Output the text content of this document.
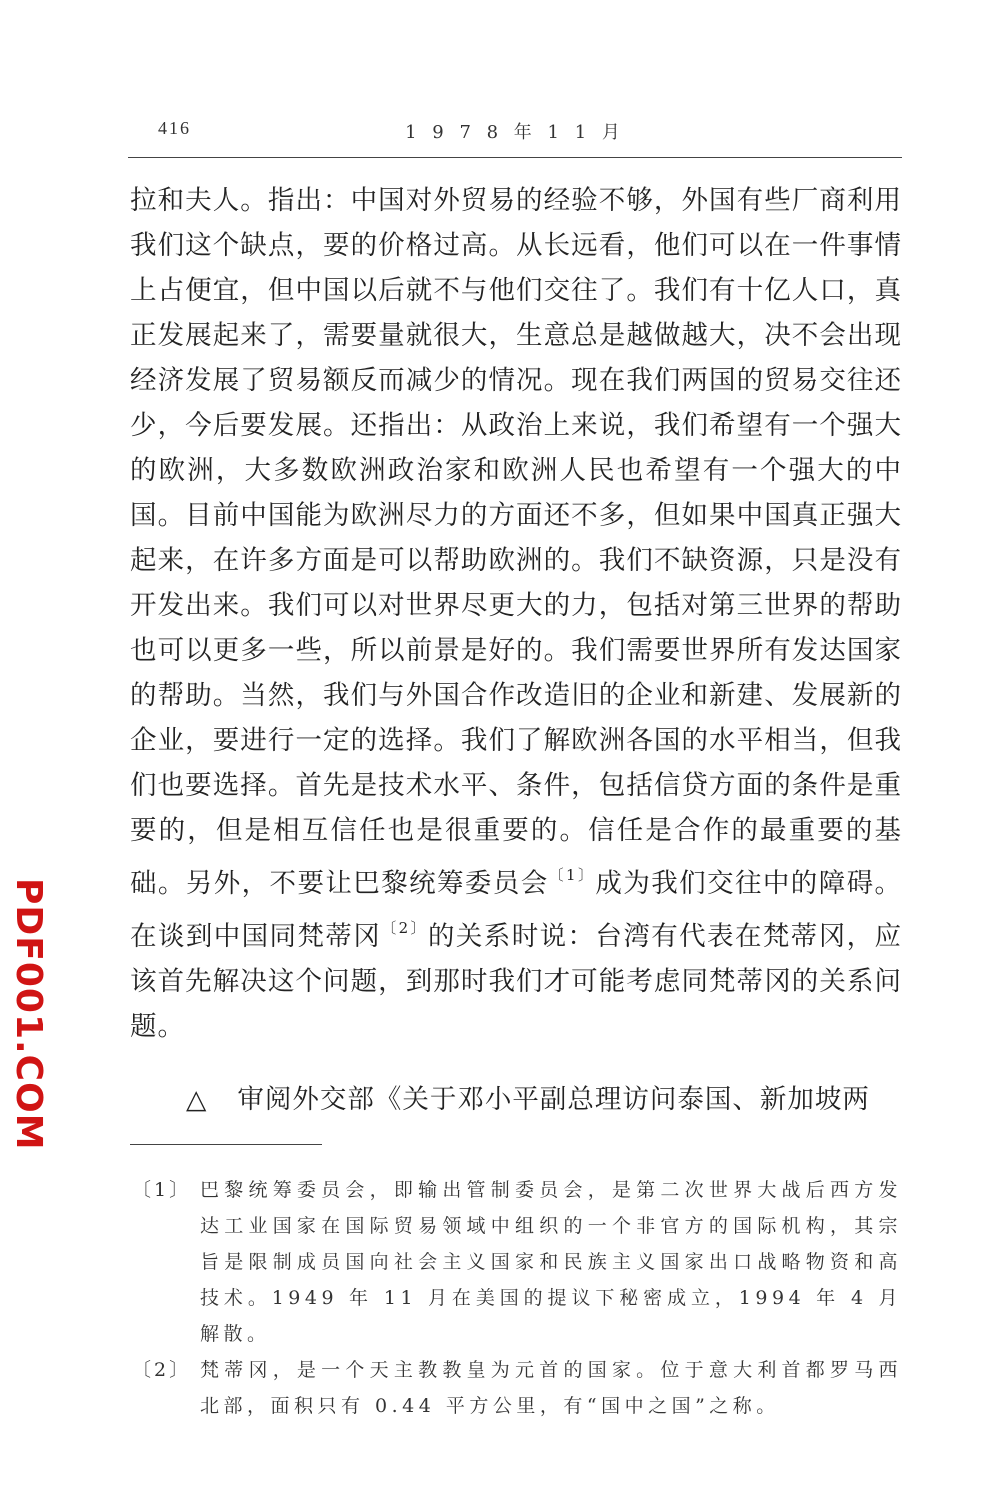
416	1 9 7 8 年 1 1 月

拉和夫人。指出：中国对外贸易的经验不够，外国有些厂商利用我们这个缺点，要的价格过高。从长远看，他们可以在一件事情上占便宜，但中国以后就不与他们交往了。我们有十亿人口，真正发展起来了，需要量就很大，生意总是越做越大，决不会出现经济发展了贸易额反而减少的情况。现在我们两国的贸易交往还少，今后要发展。还指出：从政治上来说，我们希望有一个强大的欧洲，大多数欧洲政治家和欧洲人民也希望有一个强大的中国。目前中国能为欧洲尽力的方面还不多，但如果中国真正强大起来，在许多方面是可以帮助欧洲的。我们不缺资源，只是没有开发出来。我们可以对世界尽更大的力，包括对第三世界的帮助也可以更多一些，所以前景是好的。我们需要世界所有发达国家的帮助。当然，我们与外国合作改造旧的企业和新建、发展新的企业，要进行一定的选择。我们了解欧洲各国的水平相当，但我们也要选择。首先是技术水平、条件，包括信贷方面的条件是重要的，但是相互信任也是很重要的。信任是合作的最重要的基础。另外，不要让巴黎统筹委员会$^{〔1〕}$成为我们交往中的障碍。在谈到中国同梵蒂冈$^{〔2〕}$的关系时说：台湾有代表在梵蒂冈，应该首先解决这个问题，到那时我们才可能考虑同梵蒂冈的关系问题。

△ 审阅外交部《关于邓小平副总理访问泰国、新加坡两
〔1〕 巴黎统筹委员会，即输出管制委员会，是第二次世界大战后西方发达工业国家在国际贸易领域中组织的一个非官方的国际机构，其宗旨是限制成员国向社会主义国家和民族主义国家出口战略物资和高技术。1949 年 11 月在美国的提议下秘密成立，1994 年 4 月解散。
〔2〕 梵蒂冈，是一个天主教教皇为元首的国家。位于意大利首都罗马西北部，面积只有 0.44 平方公里，有“国中之国”之称。
PDF001.COM
